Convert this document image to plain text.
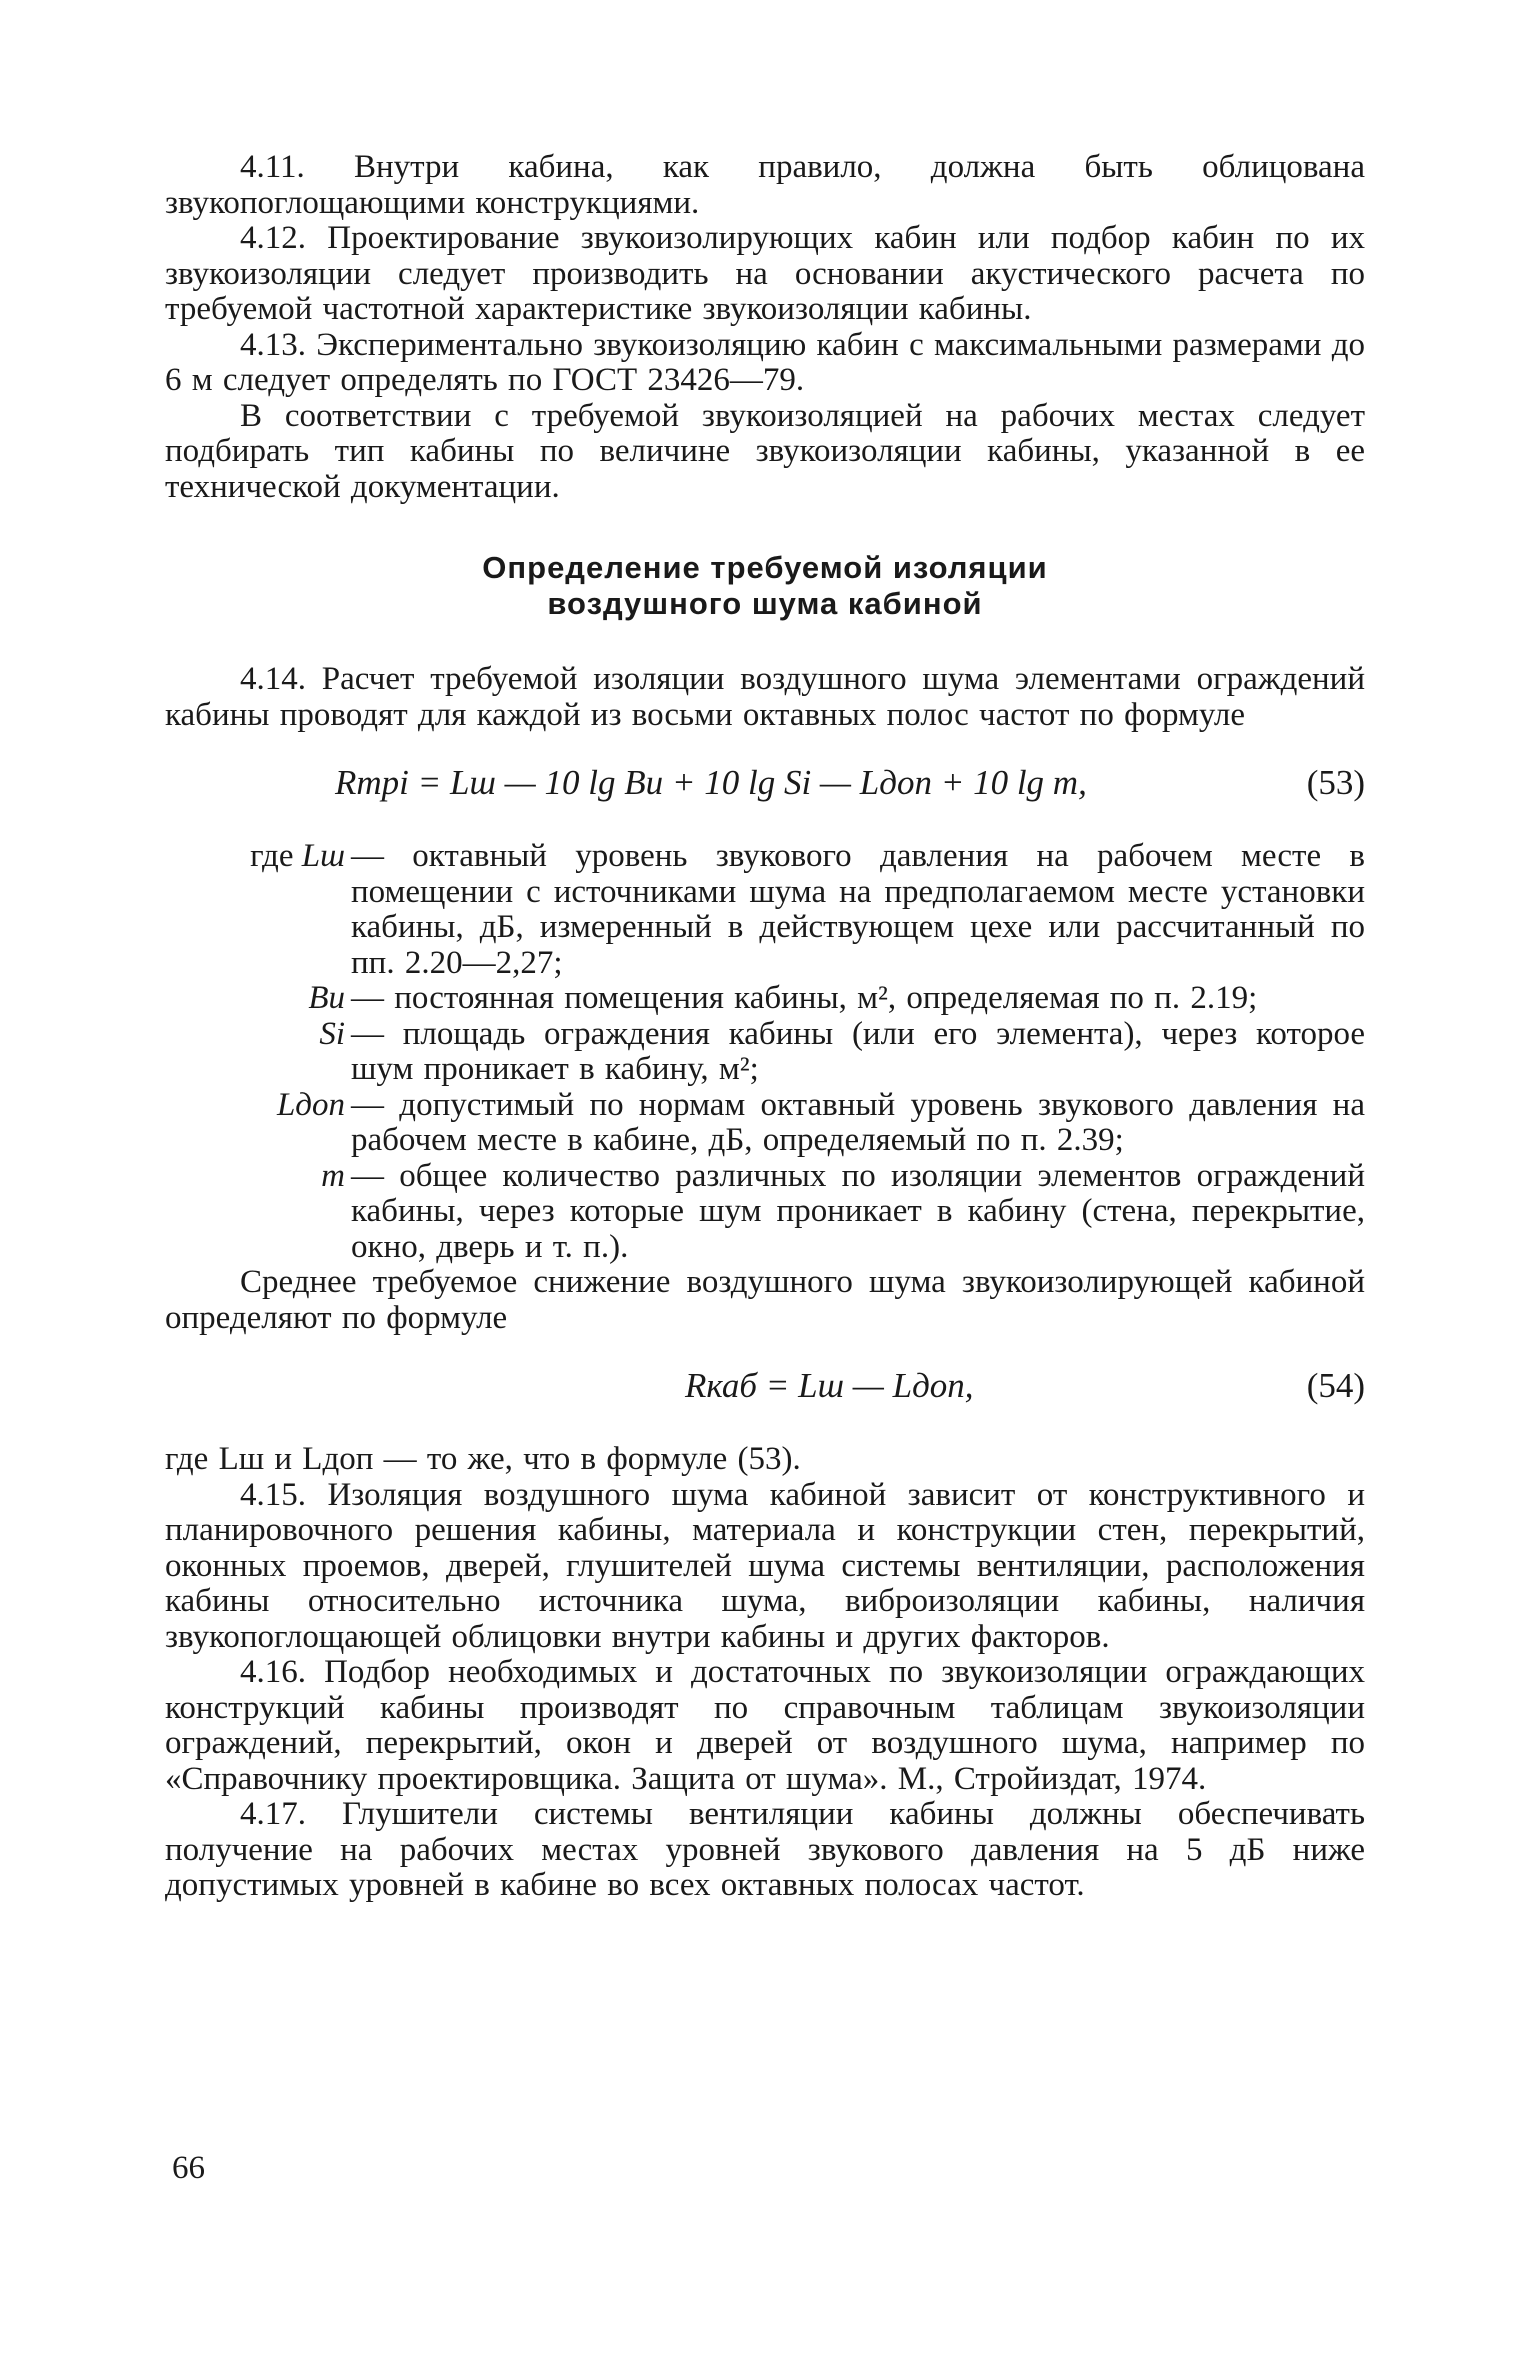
4.11. Внутри кабина, как правило, должна быть облицована звукопоглощающими конструкциями.

4.12. Проектирование звукоизолирующих кабин или подбор кабин по их звукоизоляции следует производить на основании акустического расчета по требуемой частотной характеристике звукоизоляции кабины.

4.13. Экспериментально звукоизоляцию кабин с максимальными размерами до 6 м следует определять по ГОСТ 23426—79.

В соответствии с требуемой звукоизоляцией на рабочих местах следует подбирать тип кабины по величине звукоизоляции кабины, указанной в ее технической документации.

Определение требуемой изоляции
воздушного шума кабиной

4.14. Расчет требуемой изоляции воздушного шума элементами ограждений кабины проводят для каждой из восьми октавных полос частот по формуле

Rтрi = Lш — 10 lg Bи + 10 lg Si — Lдоп + 10 lg m,	(53)
где Lш	— октавный уровень звукового давления на рабочем месте в помещении с источниками шума на предполагаемом месте установки кабины, дБ, измеренный в действующем цехе или рассчитанный по пп. 2.20—2,27;
Bи	— постоянная помещения кабины, м², определяемая по п. 2.19;
Si	— площадь ограждения кабины (или его элемента), через которое шум проникает в кабину, м²;
Lдоп	— допустимый по нормам октавный уровень звукового давления на рабочем месте в кабине, дБ, определяемый по п. 2.39;
m	— общее количество различных по изоляции элементов ограждений кабины, через которые шум проникает в кабину (стена, перекрытие, окно, дверь и т. п.).

Среднее требуемое снижение воздушного шума звукоизолирующей кабиной определяют по формуле

Rкаб = Lш — Lдоп,	(54)

где Lш и Lдоп — то же, что в формуле (53).

4.15. Изоляция воздушного шума кабиной зависит от конструктивного и планировочного решения кабины, материала и конструкции стен, перекрытий, оконных проемов, дверей, глушителей шума системы вентиляции, расположения кабины относительно источника шума, виброизоляции кабины, наличия звукопоглощающей облицовки внутри кабины и других факторов.

4.16. Подбор необходимых и достаточных по звукоизоляции ограждающих конструкций кабины производят по справочным таблицам звукоизоляции ограждений, перекрытий, окон и дверей от воздушного шума, например по «Справочнику проектировщика. Защита от шума». М., Стройиздат, 1974.

4.17. Глушители системы вентиляции кабины должны обеспечивать получение на рабочих местах уровней звукового давления на 5 дБ ниже допустимых уровней в кабине во всех октавных полосах частот.

66
